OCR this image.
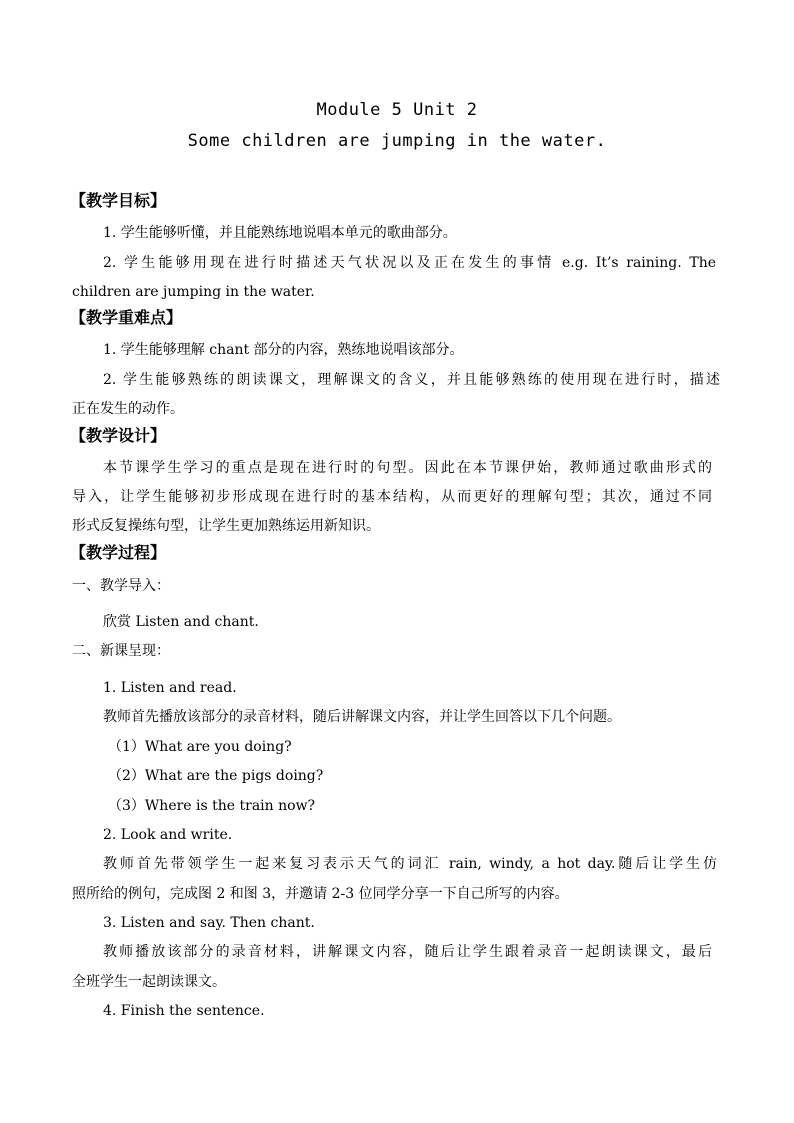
Module 5 Unit 2
Some children are jumping in the water.
【教学目标】
1. 学生能够听懂，并且能熟练地说唱本单元的歌曲部分。
2. 学生能够用现在进行时描述天气状况以及正在发生的事情 e.g. It’s raining. The
children are jumping in the water.
【教学重难点】
1. 学生能够理解 chant 部分的内容，熟练地说唱该部分。
2. 学生能够熟练的朗读课文，理解课文的含义，并且能够熟练的使用现在进行时，描述
正在发生的动作。
【教学设计】
本节课学生学习的重点是现在进行时的句型。因此在本节课伊始，教师通过歌曲形式的
导入，让学生能够初步形成现在进行时的基本结构，从而更好的理解句型；其次，通过不同
形式反复操练句型，让学生更加熟练运用新知识。
【教学过程】
一、教学导入：
欣赏 Listen and chant.
二、新课呈现：
1. Listen and read.
教师首先播放该部分的录音材料，随后讲解课文内容，并让学生回答以下几个问题。
（1）What are you doing?
（2）What are the pigs doing?
（3）Where is the train now?
2. Look and write.
教师首先带领学生一起来复习表示天气的词汇 rain, windy, a hot day.随后让学生仿
照所给的例句，完成图 2 和图 3，并邀请 2-3 位同学分享一下自己所写的内容。
3. Listen and say. Then chant.
教师播放该部分的录音材料，讲解课文内容，随后让学生跟着录音一起朗读课文，最后
全班学生一起朗读课文。
4. Finish the sentence.
